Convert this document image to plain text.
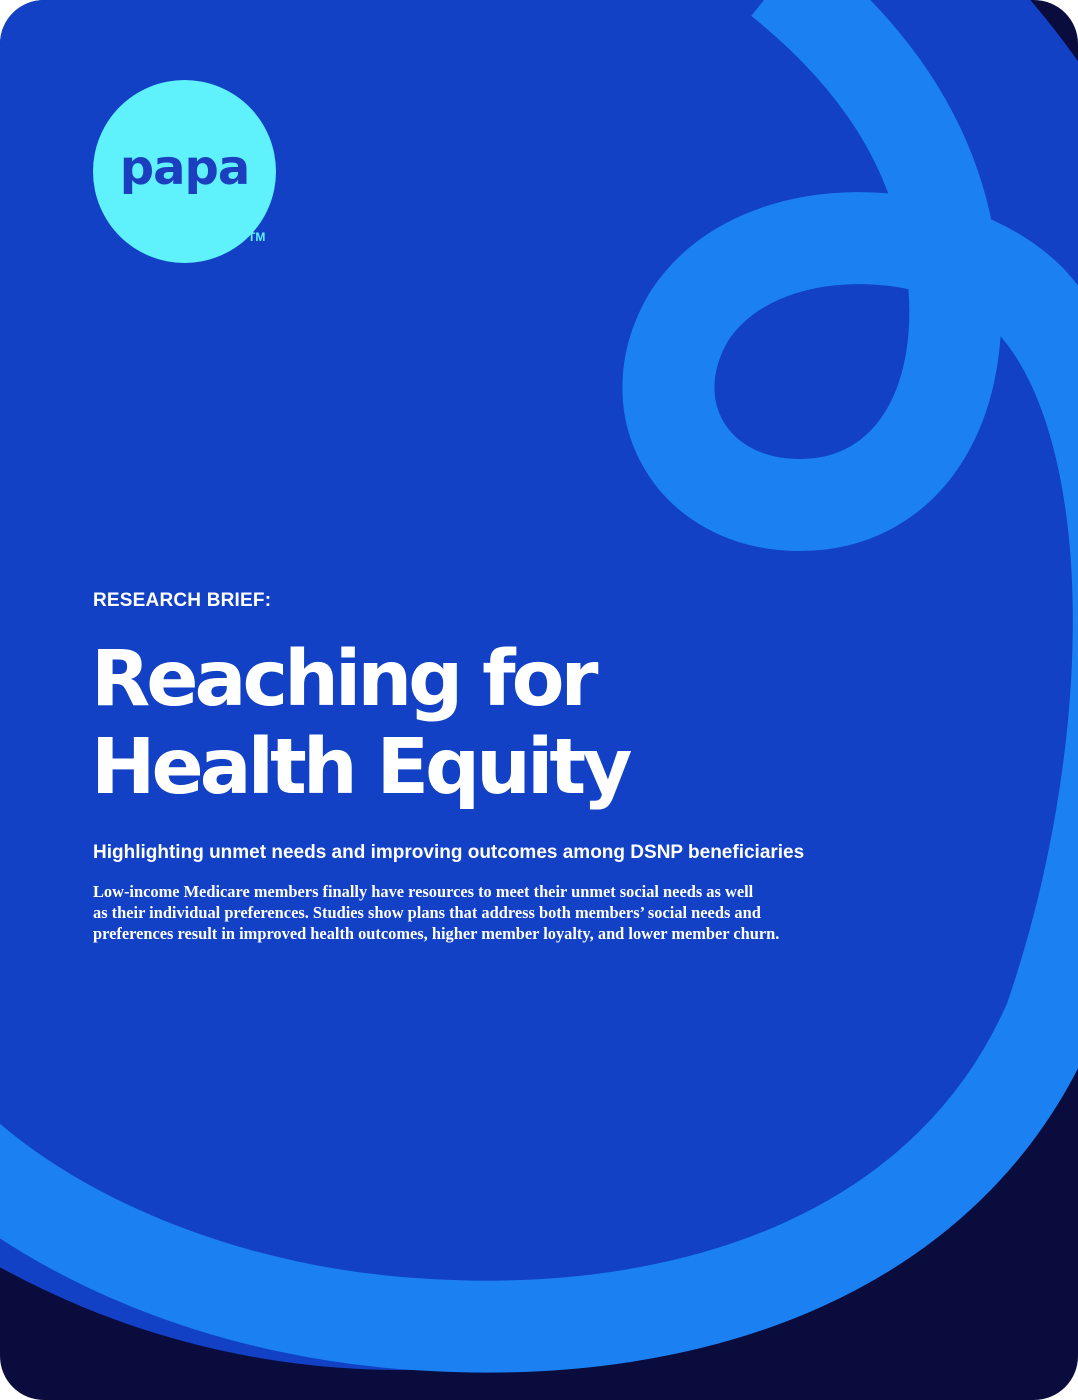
papa
TM
RESEARCH BRIEF:
Reaching for
Health Equity
Highlighting unmet needs and improving outcomes among DSNP beneficiaries

Low-income Medicare members finally have resources to meet their unmet social needs as well
as their individual preferences. Studies show plans that address both members’ social needs and
preferences result in improved health outcomes, higher member loyalty, and lower member churn.
